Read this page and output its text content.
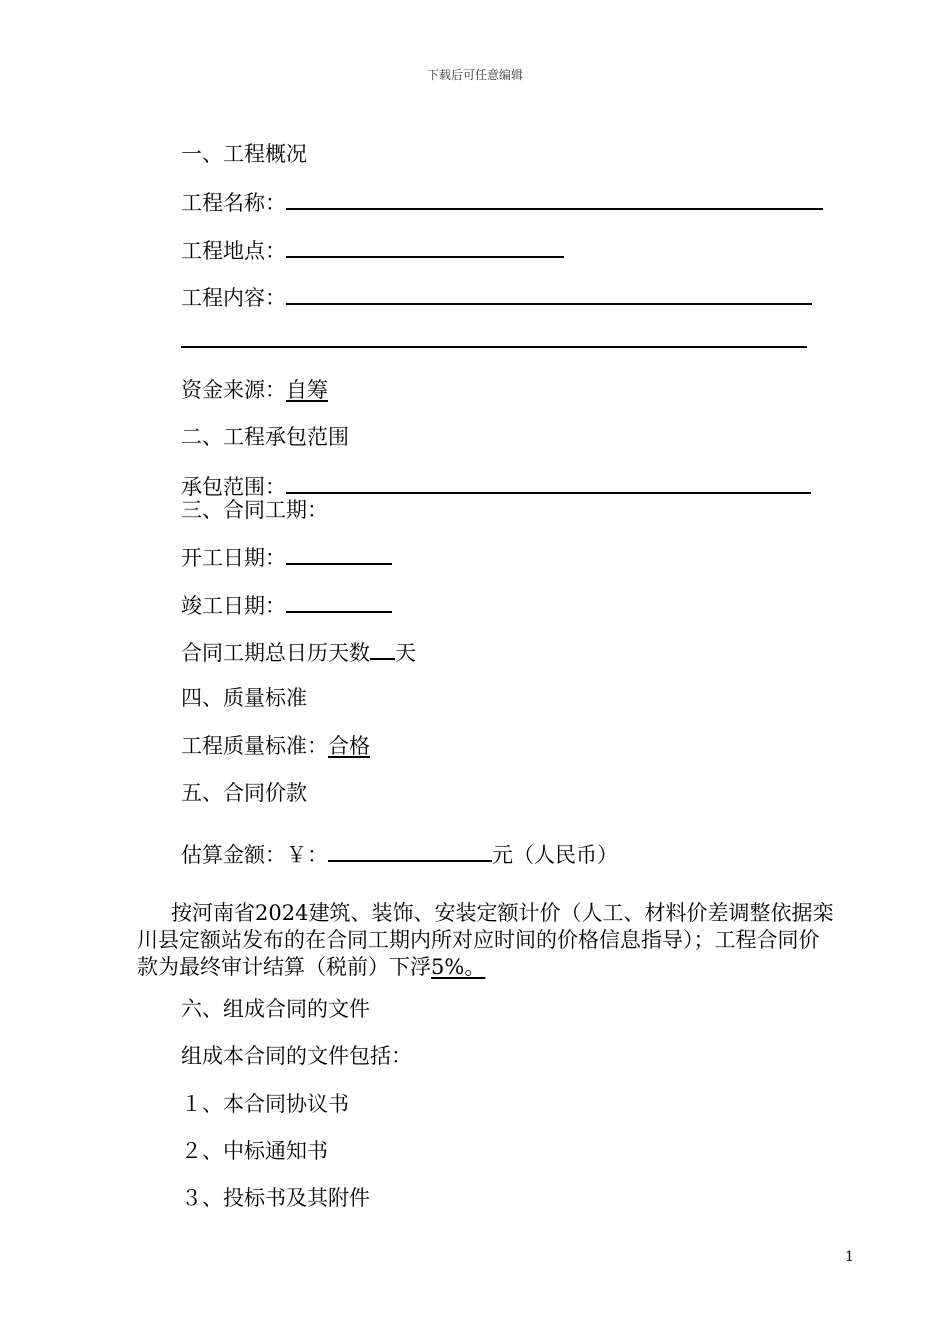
下载后可任意编辑
一、工程概况
工程名称：
工程地点：
工程内容：
资金来源：自筹
二、工程承包范围
承包范围：
三、合同工期：
开工日期：
竣工日期：
合同工期总日历天数 天
四、质量标准
工程质量标准：合格
五、合同价款
估算金额：￥：	元（人民币）
按河南省2024建筑、装饰、安装定额计价（人工、材料价差调整依据栾川县定额站发布的在合同工期内所对应时间的价格信息指导）；工程合同价款为最终审计结算（税前）下浮5%。
六、组成合同的文件
组成本合同的文件包括：
１、本合同协议书
２、中标通知书
３、投标书及其附件
1
